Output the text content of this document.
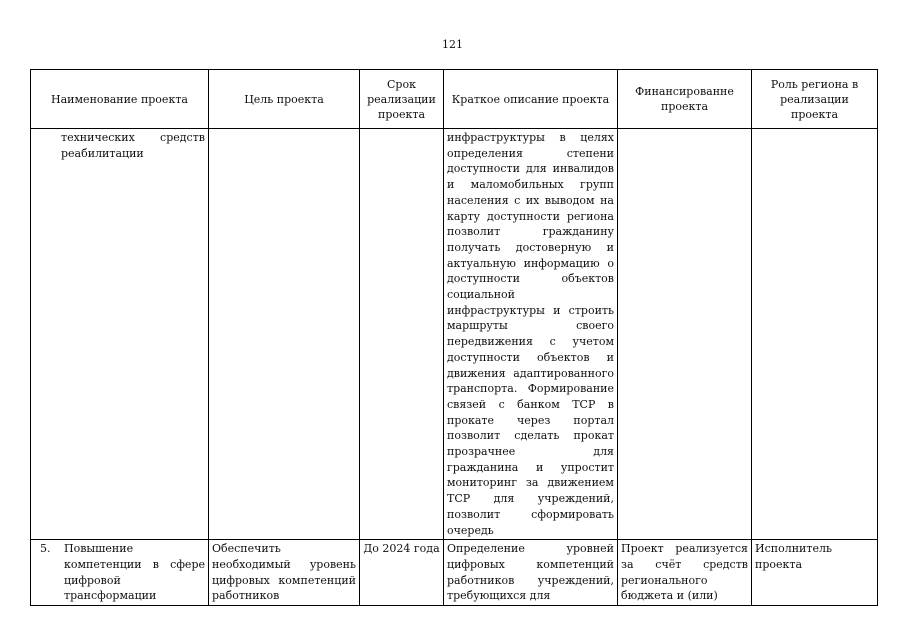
121
Наименование проекта	Цель проекта	Срок реализации проекта	Краткое описание проекта	Финансированне проекта	Роль региона в реализации проекта
технических средств реабилитации			инфраструктуры в целях определения степени доступности для инвалидов и маломобильных групп населения с их выводом на карту доступности региона позволит гражданину получать достоверную и актуальную информацию о доступности объектов социальной инфраструктуры и строить маршруты своего передвижения с учетом доступности объектов и движения адаптированного транспорта. Формирование связей с банком ТСР в прокате через портал позволит сделать прокат прозрачнее для гражданина и упростит мониторинг за движением ТСР для учреждений, позволит сформировать очередь		

5. Повышение компетенции в сфере цифровой трансформации	Обеспечить необходимый уровень цифровых компетенций работников	До 2024 года	Определение уровней цифровых компетенций работников учреждений, требующихся для	Проект реализуется за счёт средств регионального бюджета и (или)	Исполнитель проекта
